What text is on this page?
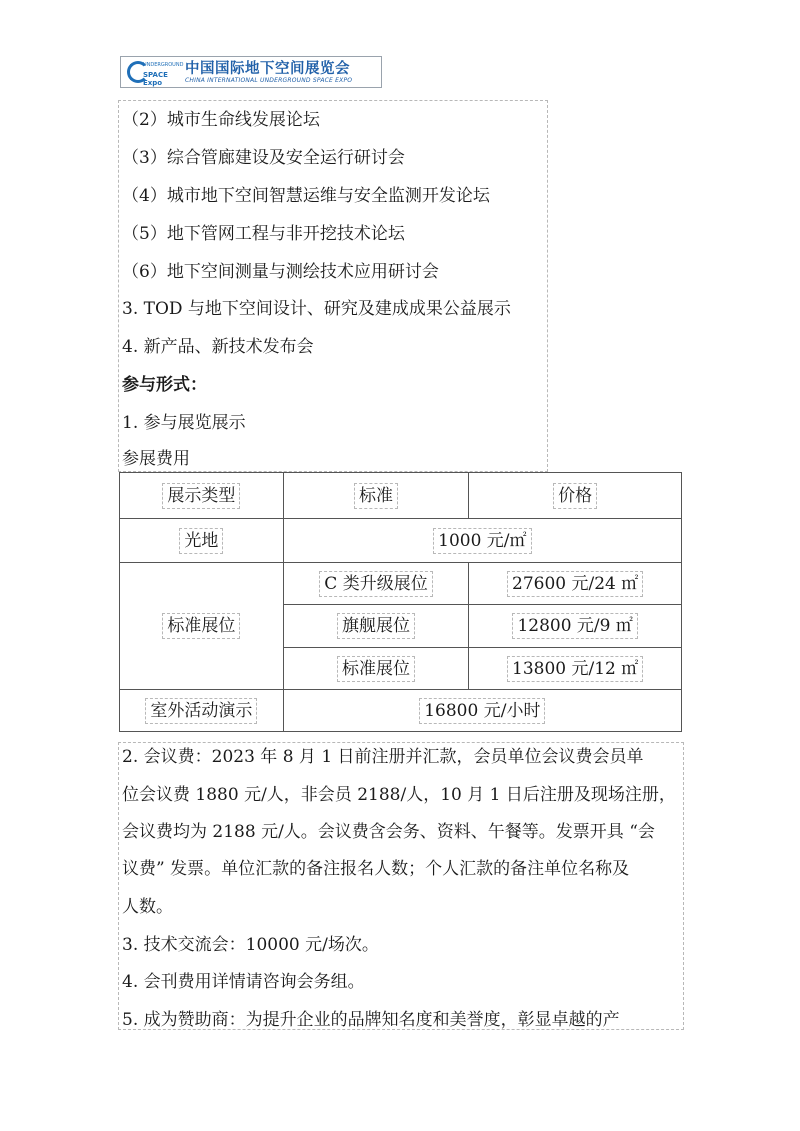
UNDERGROUND
SPACE Expo
中国国际地下空间展览会
CHINA INTERNATIONAL UNDERGROUND SPACE EXPO
（2）城市生命线发展论坛
（3）综合管廊建设及安全运行研讨会
（4）城市地下空间智慧运维与安全监测开发论坛
（5）地下管网工程与非开挖技术论坛
（6）地下空间测量与测绘技术应用研讨会
3. TOD 与地下空间设计、研究及建成成果公益展示
4. 新产品、新技术发布会
参与形式：
1. 参与展览展示
参展费用
展示类型	标准	价格
光地	1000 元/㎡	
标准展位	C 类升级展位	27600 元/24 ㎡
	旗舰展位	12800 元/9 ㎡
	标准展位	13800 元/12 ㎡
室外活动演示	16800 元/小时	
2. 会议费：2023 年 8 月 1 日前注册并汇款，会员单位会议费会员单
位会议费 1880 元/人，非会员 2188/人，10 月 1 日后注册及现场注册，
会议费均为 2188 元/人。会议费含会务、资料、午餐等。发票开具 “会
议费” 发票。单位汇款的备注报名人数；个人汇款的备注单位名称及
人数。
3. 技术交流会：10000 元/场次。
4. 会刊费用详情请咨询会务组。
5. 成为赞助商：为提升企业的品牌知名度和美誉度，彰显卓越的产
